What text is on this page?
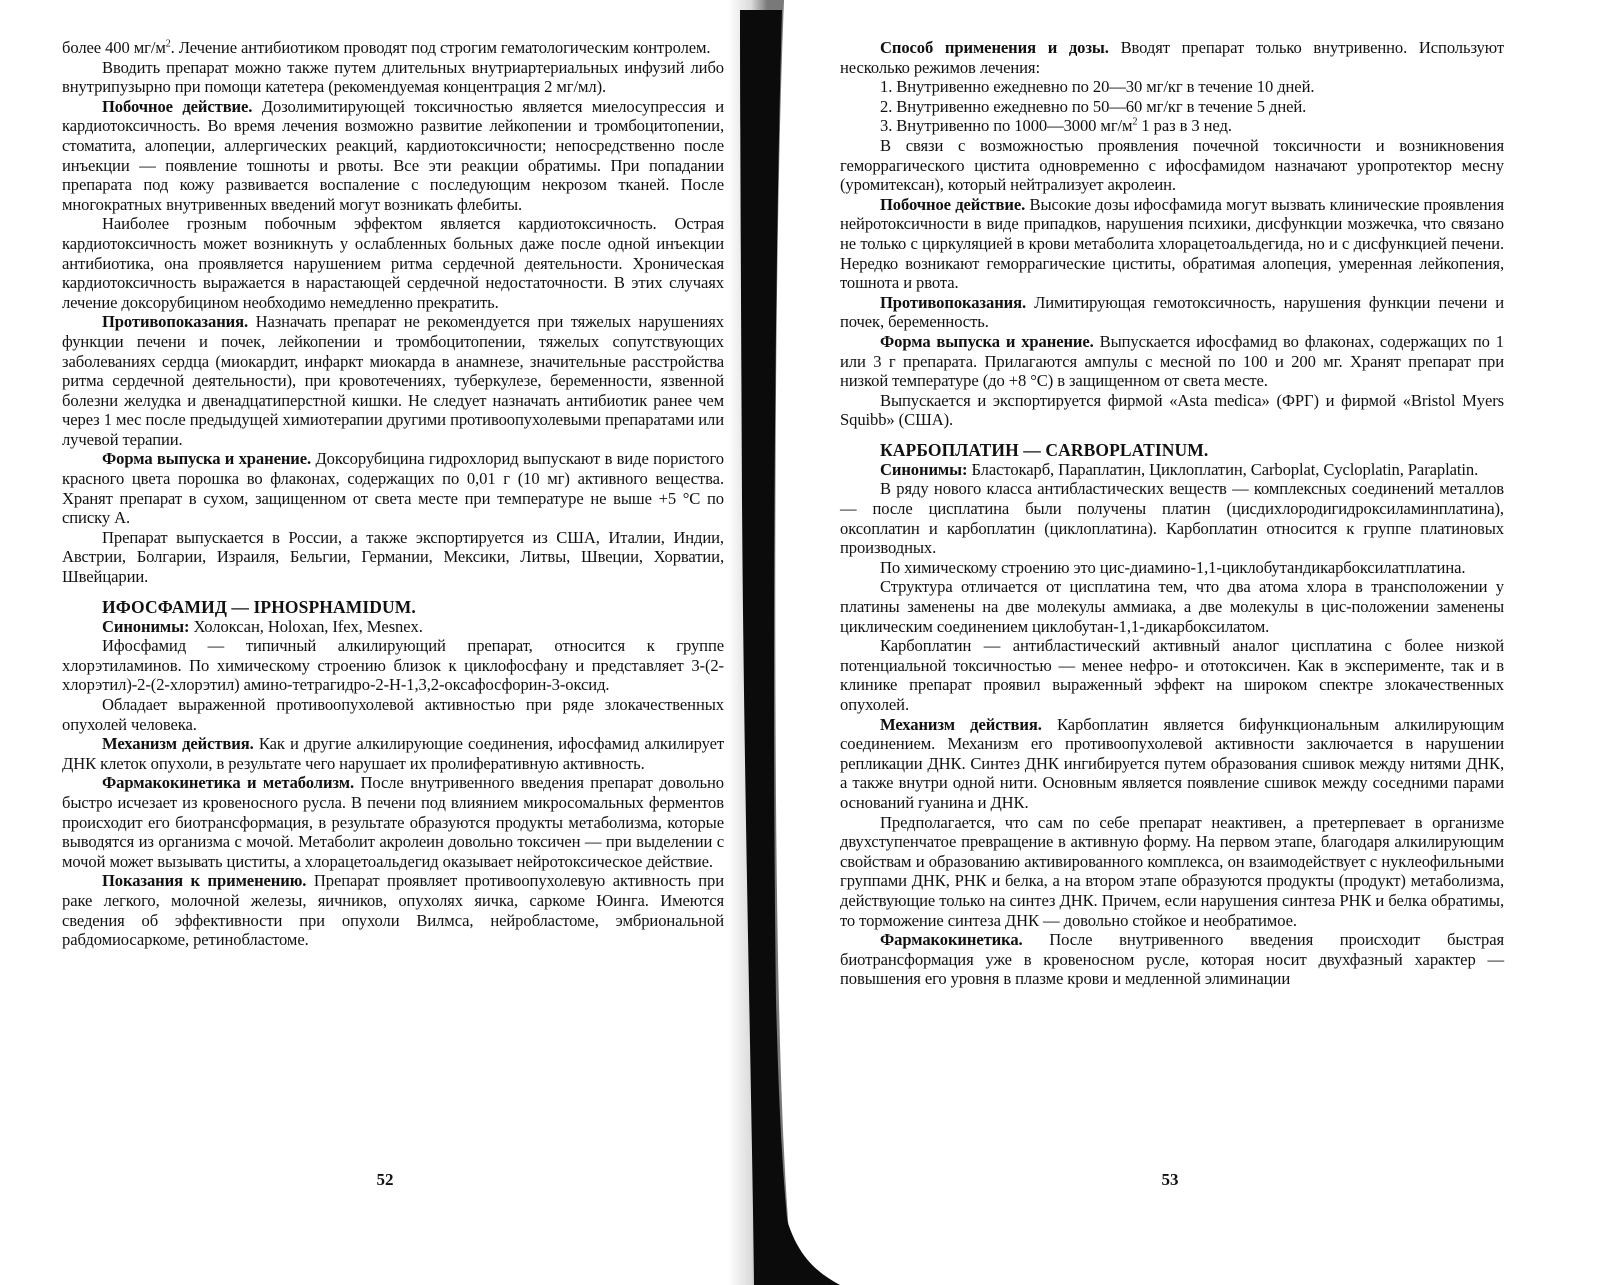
более 400 $мг/м^2$. Лечение антибиотиком проводят под строгим гематологическим контролем.

Вводить препарат можно также путем длительных внутриартериальных инфузий либо внутрипузырно при помощи катетера (рекомендуемая концентрация 2 мг/мл).

Побочное действие. Дозолимитирующей токсичностью является миелосупрессия и кардиотоксичность. Во время лечения возможно развитие лейкопении и тромбоцитопении, стоматита, алопеции, аллергических реакций, кардиотоксичности; непосредственно после инъекции — появление тошноты и рвоты. Все эти реакции обратимы. При попадании препарата под кожу развивается воспаление с последующим некрозом тканей. После многократных внутривенных введений могут возникать флебиты.

Наиболее грозным побочным эффектом является кардиотоксичность. Острая кардиотоксичность может возникнуть у ослабленных больных даже после одной инъекции антибиотика, она проявляется нарушением ритма сердечной деятельности. Хроническая кардиотоксичность выражается в нарастающей сердечной недостаточности. В этих случаях лечение доксорубицином необходимо немедленно прекратить.

Противопоказания. Назначать препарат не рекомендуется при тяжелых нарушениях функции печени и почек, лейкопении и тромбоцитопении, тяжелых сопутствующих заболеваниях сердца (миокардит, инфаркт миокарда в анамнезе, значительные расстройства ритма сердечной деятельности), при кровотечениях, туберкулезе, беременности, язвенной болезни желудка и двенадцатиперстной кишки. Не следует назначать антибиотик ранее чем через 1 мес после предыдущей химиотерапии другими противоопухолевыми препаратами или лучевой терапии.

Форма выпуска и хранение. Доксорубицина гидрохлорид выпускают в виде пористого красного цвета порошка во флаконах, содержащих по 0,01 г (10 мг) активного вещества. Хранят препарат в сухом, защищенном от света месте при температуре не выше +5 °С по списку А.

Препарат выпускается в России, а также экспортируется из США, Италии, Индии, Австрии, Болгарии, Израиля, Бельгии, Германии, Мексики, Литвы, Швеции, Хорватии, Швейцарии.

ИФОСФАМИД — IPHOSPHAMIDUM.

Синонимы: Холоксан, Holoxan, Ifex, Mesnex.

Ифосфамид — типичный алкилирующий препарат, относится к группе хлорэтиламинов. По химическому строению близок к циклофосфану и представляет 3-(2-хлорэтил)-2-(2-хлорэтил) амино-тетрагидро-2-Н-1,3,2-оксафосфорин-3-оксид.

Обладает выраженной противоопухолевой активностью при ряде злокачественных опухолей человека.

Механизм действия. Как и другие алкилирующие соединения, ифосфамид алкилирует ДНК клеток опухоли, в результате чего нарушает их пролиферативную активность.

Фармакокинетика и метаболизм. После внутривенного введения препарат довольно быстро исчезает из кровеносного русла. В печени под влиянием микросомальных ферментов происходит его биотрансформация, в результате образуются продукты метаболизма, которые выводятся из организма с мочой. Метаболит акролеин довольно токсичен — при выделении с мочой может вызывать циститы, а хлорацетоальдегид оказывает нейротоксическое действие.

Показания к применению. Препарат проявляет противоопухолевую активность при раке легкого, молочной железы, яичников, опухолях яичка, саркоме Юинга. Имеются сведения об эффективности при опухоли Вилмса, нейробластоме, эмбриональной рабдомиосаркоме, ретинобластоме.

52

Способ применения и дозы. Вводят препарат только внутривенно. Используют несколько режимов лечения:

1. Внутривенно ежедневно по 20—30 мг/кг в течение 10 дней.

2. Внутривенно ежедневно по 50—60 мг/кг в течение 5 дней.

3. Внутривенно по 1000—3000 $мг/м^2$ 1 раз в 3 нед.

В связи с возможностью проявления почечной токсичности и возникновения геморрагического цистита одновременно с ифосфамидом назначают уропротектор месну (уромитексан), который нейтрализует акролеин.

Побочное действие. Высокие дозы ифосфамида могут вызвать клинические проявления нейротоксичности в виде припадков, нарушения психики, дисфункции мозжечка, что связано не только с циркуляцией в крови метаболита хлорацетоальдегида, но и с дисфункцией печени. Нередко возникают геморрагические циститы, обратимая алопеция, умеренная лейкопения, тошнота и рвота.

Противопоказания. Лимитирующая гемотоксичность, нарушения функции печени и почек, беременность.

Форма выпуска и хранение. Выпускается ифосфамид во флаконах, содержащих по 1 или 3 г препарата. Прилагаются ампулы с месной по 100 и 200 мг. Хранят препарат при низкой температуре (до +8 °С) в защищенном от света месте.

Выпускается и экспортируется фирмой «Asta medica» (ФРГ) и фирмой «Bristol Myers Squibb» (США).

КАРБОПЛАТИН — CARBOPLATINUM.

Синонимы: Бластокарб, Параплатин, Циклоплатин, Carboplat, Cycloplatin, Paraplatin.

В ряду нового класса антибластических веществ — комплексных соединений металлов — после цисплатина были получены платин (цисдихлородигидроксиламинплатина), оксоплатин и карбоплатин (циклоплатина). Карбоплатин относится к группе платиновых производных.

По химическому строению это цис-диамино-1,1-циклобутандикарбоксилатплатина.

Структура отличается от цисплатина тем, что два атома хлора в трансположении у платины заменены на две молекулы аммиака, а две молекулы в цис-положении заменены циклическим соединением циклобутан-1,1-дикарбоксилатом.

Карбоплатин — антибластический активный аналог цисплатина с более низкой потенциальной токсичностью — менее нефро- и ототоксичен. Как в эксперименте, так и в клинике препарат проявил выраженный эффект на широком спектре злокачественных опухолей.

Механизм действия. Карбоплатин является бифункциональным алкилирующим соединением. Механизм его противоопухолевой активности заключается в нарушении репликации ДНК. Синтез ДНК ингибируется путем образования сшивок между нитями ДНК, а также внутри одной нити. Основным является появление сшивок между соседними парами оснований гуанина и ДНК.

Предполагается, что сам по себе препарат неактивен, а претерпевает в организме двухступенчатое превращение в активную форму. На первом этапе, благодаря алкилирующим свойствам и образованию активированного комплекса, он взаимодействует с нуклеофильными группами ДНК, РНК и белка, а на втором этапе образуются продукты (продукт) метаболизма, действующие только на синтез ДНК. Причем, если нарушения синтеза РНК и белка обратимы, то торможение синтеза ДНК — довольно стойкое и необратимое.

Фармакокинетика. После внутривенного введения происходит быстрая биотрансформация уже в кровеносном русле, которая носит двухфазный характер — повышения его уровня в плазме крови и медленной элиминации

53
